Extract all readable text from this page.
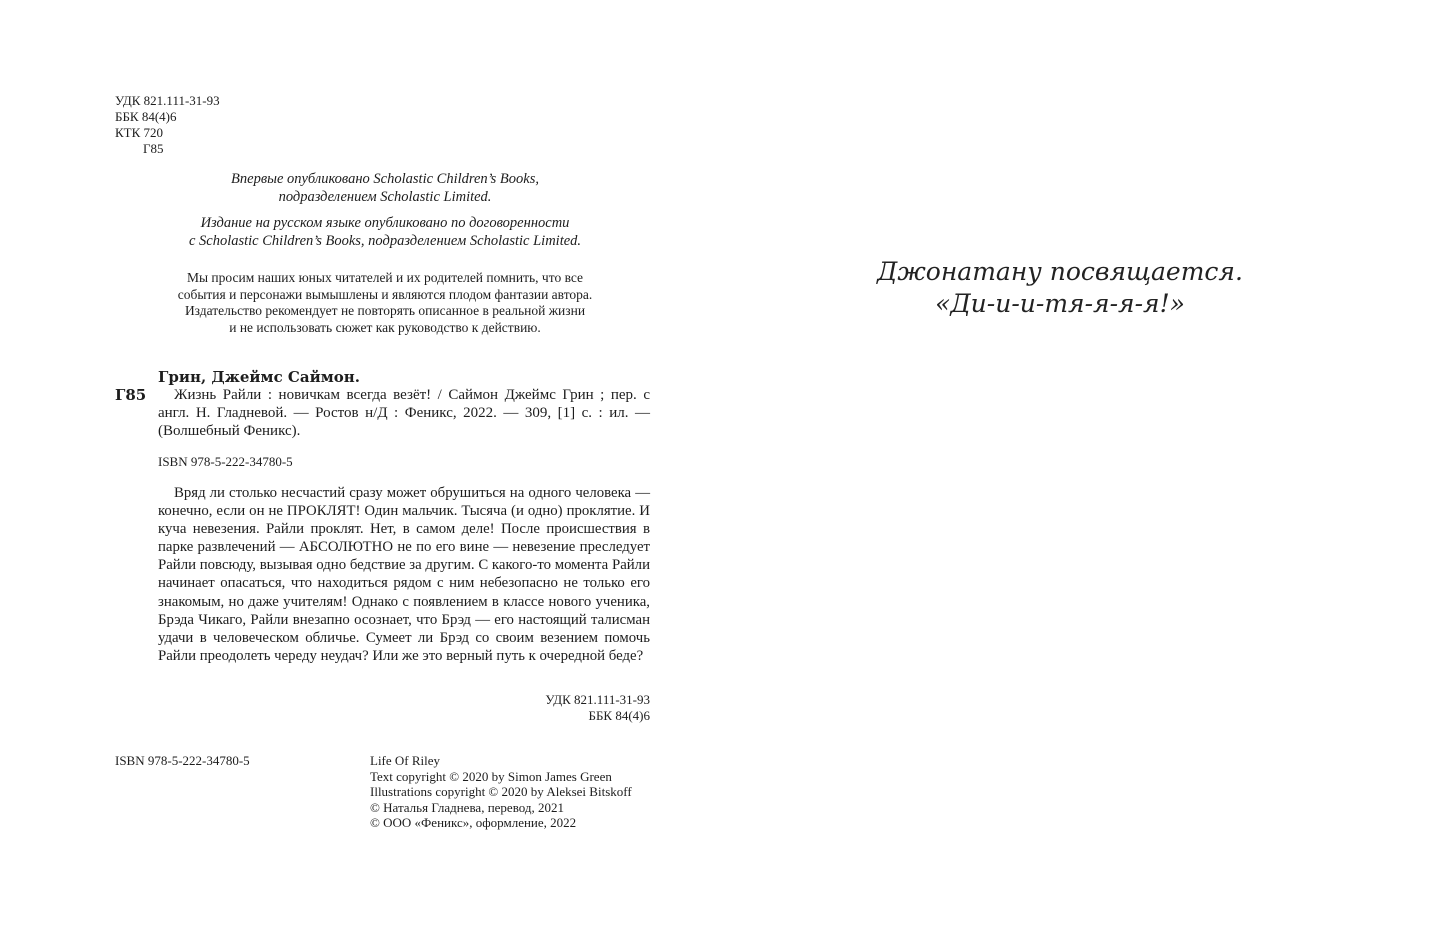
УДК 821.111-31-93
ББК 84(4)6
КТК 720
Г85
Впервые опубликовано Scholastic Children’s Books,
подразделением Scholastic Limited.
Издание на русском языке опубликовано по договоренности
с Scholastic Children’s Books, подразделением Scholastic Limited.
Мы просим наших юных читателей и их родителей помнить, что все
события и персонажи вымышлены и являются плодом фантазии автора.
Издательство рекомендует не повторять описанное в реальной жизни
и не использовать сюжет как руководство к действию.
Г85
Грин, Джеймс Саймон.
Жизнь Райли : новичкам всегда везёт! / Саймон Джеймс Грин ; пер. с англ. Н. Гладневой. — Ростов н/Д : Феникс, 2022. — 309, [1] с. : ил. — (Волшебный Феникс).
ISBN 978-5-222-34780-5

Вряд ли столько несчастий сразу может обрушиться на одного человека — конечно, если он не ПРОКЛЯТ! Один мальчик. Тысяча (и одно) проклятие. И куча невезения. Райли проклят. Нет, в самом деле! После происшествия в парке развлечений — АБСОЛЮТНО не по его вине — невезение преследует Райли повсюду, вызывая одно бедствие за другим. С какого-то момента Райли начинает опасаться, что находиться рядом с ним небезопасно не только его знакомым, но даже учителям! Однако с появлением в классе нового ученика, Брэда Чикаго, Райли внезапно осознает, что Брэд — его настоящий талисман удачи в человеческом обличье. Сумеет ли Брэд со своим везением помочь Райли преодолеть череду неудач? Или же это верный путь к очередной беде?

УДК 821.111-31-93
ББК 84(4)6
ISBN 978-5-222-34780-5	Life Of Riley
Text copyright © 2020 by Simon James Green
Illustrations copyright © 2020 by Aleksei Bitskoff
© Наталья Гладнева, перевод, 2021
© ООО «Феникс», оформление, 2022
Джонатану посвящается.
«Ди-и-и-тя-я-я-я!»
